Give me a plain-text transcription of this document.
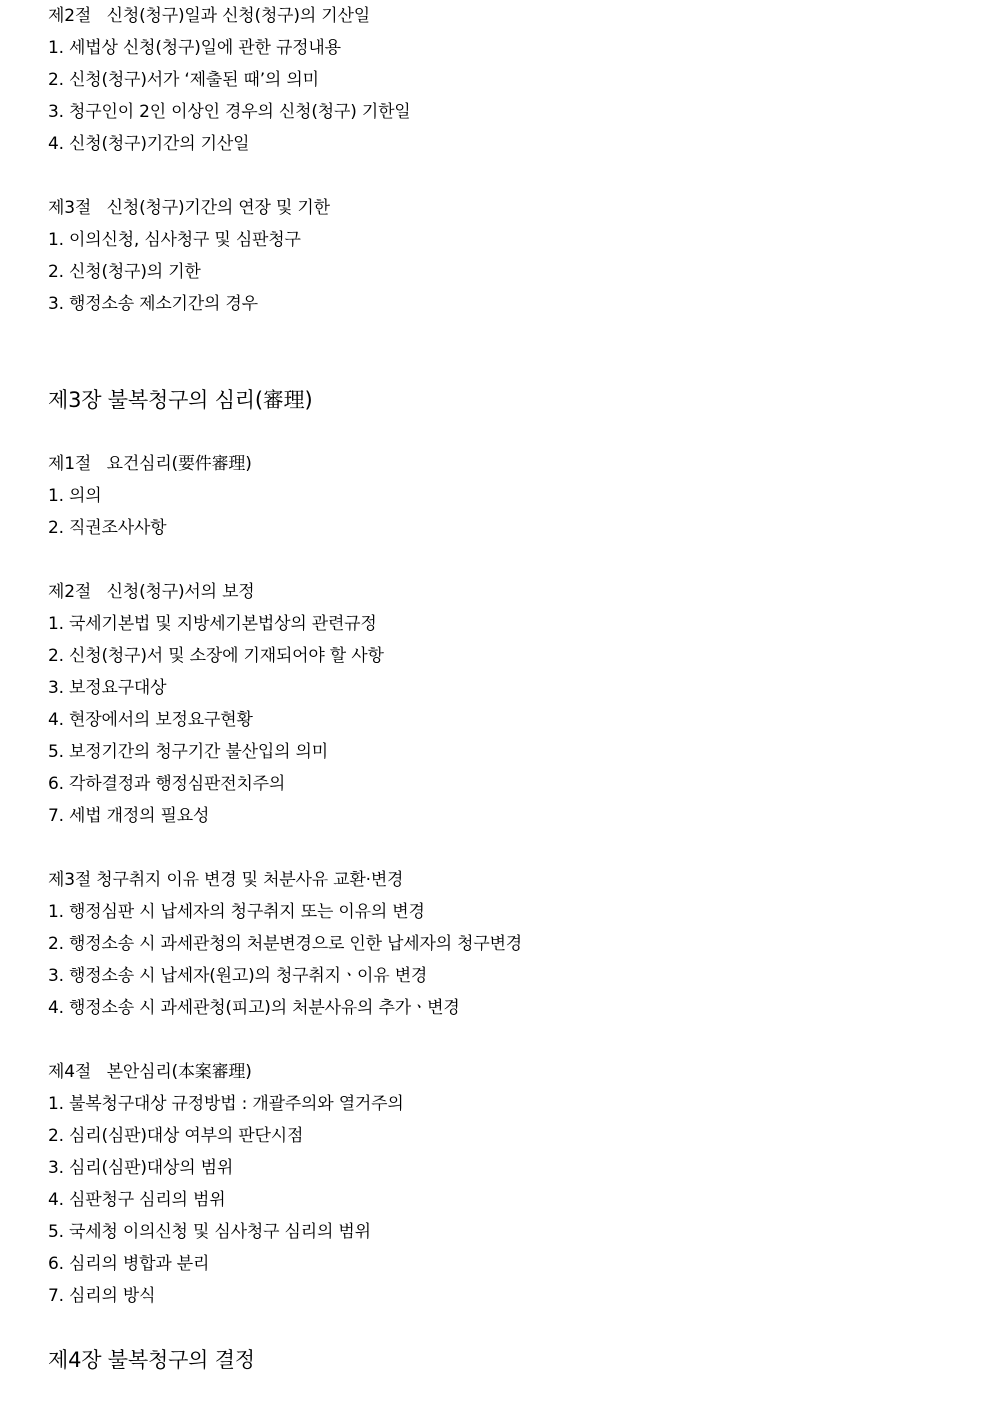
제2절   신청(청구)일과 신청(청구)의 기산일
1. 세법상 신청(청구)일에 관한 규정내용
2. 신청(청구)서가 ‘제출된 때’의 의미
3. 청구인이 2인 이상인 경우의 신청(청구) 기한일
4. 신청(청구)기간의 기산일
제3절   신청(청구)기간의 연장 및 기한
1. 이의신청, 심사청구 및 심판청구
2. 신청(청구)의 기한
3. 행정소송 제소기간의 경우
제3장 불복청구의 심리(審理)
제1절   요건심리(要件審理)
1. 의의
2. 직권조사사항
제2절   신청(청구)서의 보정
1. 국세기본법 및 지방세기본법상의 관련규정
2. 신청(청구)서 및 소장에 기재되어야 할 사항
3. 보정요구대상
4. 현장에서의 보정요구현황
5. 보정기간의 청구기간 불산입의 의미
6. 각하결정과 행정심판전치주의
7. 세법 개정의 필요성
제3절 청구취지 이유 변경 및 처분사유 교환·변경
1. 행정심판 시 납세자의 청구취지 또는 이유의 변경
2. 행정소송 시 과세관청의 처분변경으로 인한 납세자의 청구변경
3. 행정소송 시 납세자(원고)의 청구취지ㆍ이유 변경
4. 행정소송 시 과세관청(피고)의 처분사유의 추가ㆍ변경
제4절   본안심리(本案審理)
1. 불복청구대상 규정방법 : 개괄주의와 열거주의
2. 심리(심판)대상 여부의 판단시점
3. 심리(심판)대상의 범위
4. 심판청구 심리의 범위
5. 국세청 이의신청 및 심사청구 심리의 범위
6. 심리의 병합과 분리
7. 심리의 방식
제4장 불복청구의 결정
